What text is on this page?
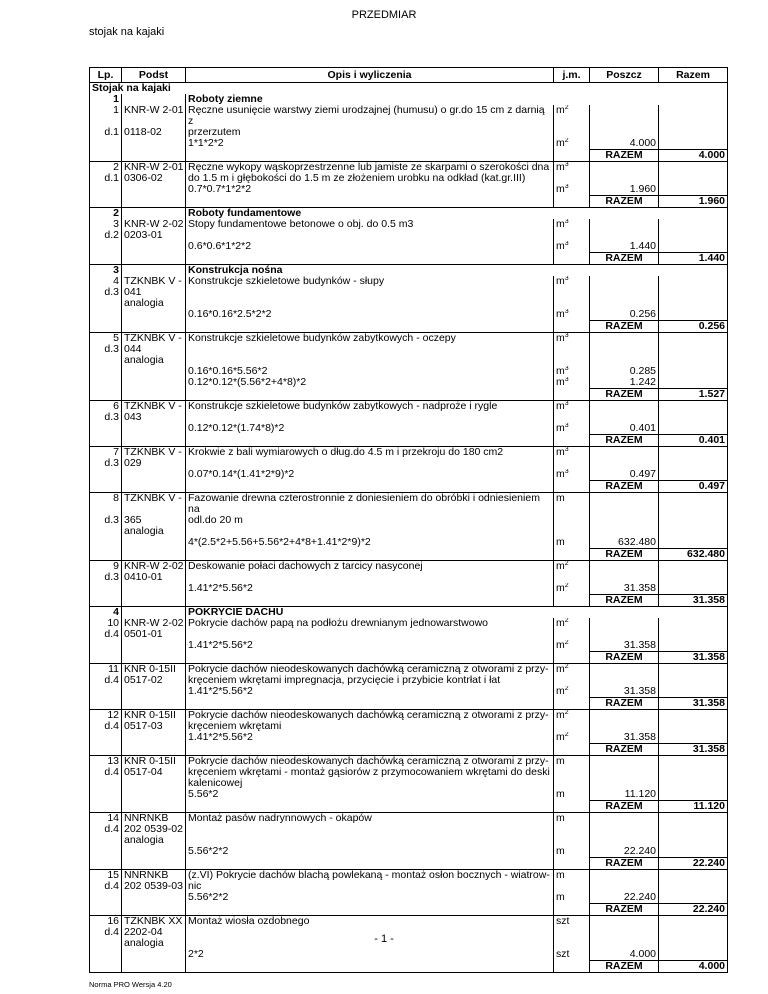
PRZEDMIAR
stojak na kajaki
Lp.	Podst	Opis i wyliczenia	j.m.	Poszcz	Razem
Stojak na kajaki					
1		Roboty ziemne			
1	KNR-W 2-01	Ręczne usunięcie warstwy ziemi urodzajnej (humusu) o gr.do 15 cm z darnią z	$m^2$		
d.1	0118-02	przerzutem			
		1*1*2*2	$m^2$	4.000	
				RAZEM	4.000
2	KNR-W 2-01	Ręczne wykopy wąskoprzestrzenne lub jamiste ze skarpami o szerokości dna	$m^3$		
d.1	0306-02	do 1.5 m i głębokości do 1.5 m ze złożeniem urobku na odkład (kat.gr.III)			
		0.7*0.7*1*2*2	$m^3$	1.960	
				RAZEM	1.960
2		Roboty fundamentowe			
3	KNR-W 2-02	Stopy fundamentowe betonowe o obj. do 0.5 m3	$m^3$		
d.2	0203-01				
		0.6*0.6*1*2*2	$m^3$	1.440	
				RAZEM	1.440
3		Konstrukcja nośna			
4	TZKNBK V -	Konstrukcje szkieletowe budynków - słupy	$m^3$		
d.3	041				
	analogia				
		0.16*0.16*2.5*2*2	$m^3$	0.256	
				RAZEM	0.256
5	TZKNBK V -	Konstrukcje szkieletowe budynków zabytkowych - oczepy	$m^3$		
d.3	044				
	analogia				
		0.16*0.16*5.56*2	$m^3$	0.285	
		0.12*0.12*(5.56*2+4*8)*2	$m^3$	1.242	
				RAZEM	1.527
6	TZKNBK V -	Konstrukcje szkieletowe budynków zabytkowych - nadproże i rygle	$m^3$		
d.3	043				
		0.12*0.12*(1.74*8)*2	$m^3$	0.401	
				RAZEM	0.401
7	TZKNBK V -	Krokwie z bali wymiarowych o dług.do 4.5 m i przekroju do 180 cm2	$m^3$		
d.3	029				
		0.07*0.14*(1.41*2*9)*2	$m^3$	0.497	
				RAZEM	0.497
8	TZKNBK V -	Fazowanie drewna czterostronnie z doniesieniem do obróbki i odniesieniem na	m		
d.3	365	odl.do 20 m			
	analogia				
		4*(2.5*2+5.56+5.56*2+4*8+1.41*2*9)*2	m	632.480	
				RAZEM	632.480
9	KNR-W 2-02	Deskowanie połaci dachowych z tarcicy nasyconej	$m^2$		
d.3	0410-01				
		1.41*2*5.56*2	$m^2$	31.358	
				RAZEM	31.358
4		POKRYCIE DACHU			
10	KNR-W 2-02	Pokrycie dachów papą na podłożu drewnianym jednowarstwowo	$m^2$		
d.4	0501-01				
		1.41*2*5.56*2	$m^2$	31.358	
				RAZEM	31.358
11	KNR 0-15II	Pokrycie dachów nieodeskowanych dachówką ceramiczną z otworami z przy-	$m^2$		
d.4	0517-02	kręceniem wkrętami impregnacja, przycięcie i przybicie kontrłat i łat			
		1.41*2*5.56*2	$m^2$	31.358	
				RAZEM	31.358
12	KNR 0-15II	Pokrycie dachów nieodeskowanych dachówką ceramiczną z otworami z przy-	$m^2$		
d.4	0517-03	kręceniem wkrętami			
		1.41*2*5.56*2	$m^2$	31.358	
				RAZEM	31.358
13	KNR 0-15II	Pokrycie dachów nieodeskowanych dachówką ceramiczną z otworami z przy-	m		
d.4	0517-04	kręceniem wkrętami - montaż gąsiorów z przymocowaniem wkrętami do deski			
		kalenicowej			
		5.56*2	m	11.120	
				RAZEM	11.120
14	NNRNKB	Montaż pasów nadrynnowych - okapów	m		
d.4	202 0539-02				
	analogia				
		5.56*2*2	m	22.240	
				RAZEM	22.240
15	NNRNKB	(z.VI) Pokrycie dachów blachą powlekaną - montaż osłon bocznych - wiatrow-	m		
d.4	202 0539-03	nic			
		5.56*2*2	m	22.240	
				RAZEM	22.240
16	TZKNBK XX	Montaż wiosła ozdobnego	szt		
d.4	2202-04				
	analogia				
		2*2	szt	4.000	
				RAZEM	4.000
- 1 -
Norma PRO Wersja 4.20
